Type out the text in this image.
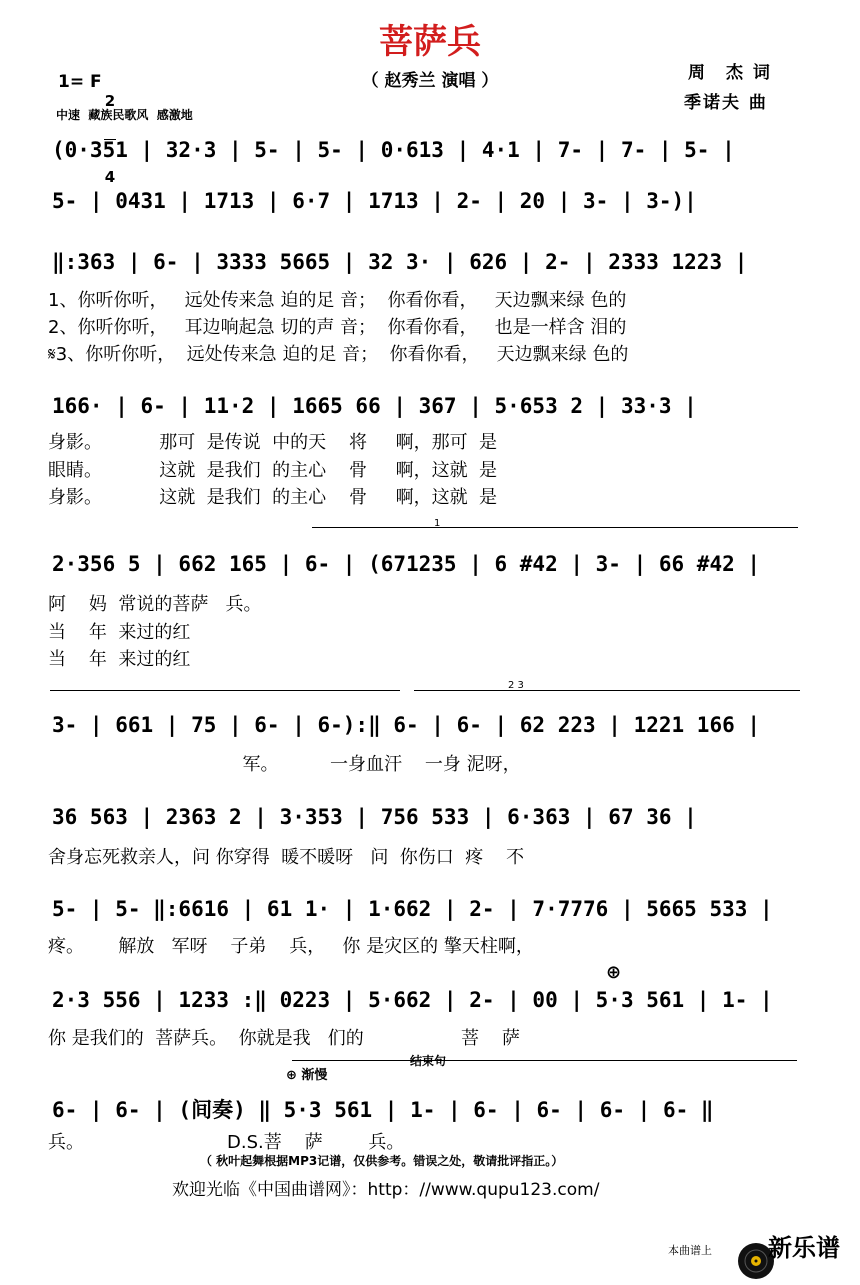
菩萨兵
（ 赵秀兰 演唱 ）	周　杰 词
季诺夫 曲
1= F

2

4

中速  藏族民歌风  感激地
(0·351 | 32·3 | 5- | 5- | 0·613 | 4·1 | 7- | 7- | 5- |
5- | 0431 | 1713 | 6·7 | 1713 | 2- | 20 | 3- | 3-)|
‖:363 | 6- | 3333 5665 | 32 3· | 626 | 2- | 2333 1223 |
1、你听你听，   远处传来急 迫的足 音；  你看你看，   天边飘来绿 色的
2、你听你听，   耳边响起急 切的声 音；  你看你看，   也是一样含 泪的
𝄋3、你听你听，  远处传来急 迫的足 音；  你看你看，   天边飘来绿 色的
166· | 6- | 11·2 | 1665 66 | 367 | 5·653 2 | 33·3 |
身影。          那可  是传说  中的天    将     啊，那可  是
眼睛。          这就  是我们  的主心    骨     啊，这就  是
身影。          这就  是我们  的主心    骨     啊，这就  是
1
2·356 5 | 662 165 | 6- | (671235 | 6 #42 | 3- | 66 #42 |
阿    妈  常说的菩萨   兵。
当    年  来过的红
当    年  来过的红
2 3
3- | 661 | 75 | 6- | 6-):‖ 6- | 6- | 62 223 | 1221 166 |
军。         一身血汗    一身 泥呀，
36 563 | 2363 2 | 3·353 | 756 533 | 6·363 | 67 36 |
舍身忘死救亲人，问 你穿得  暖不暖呀   问  你伤口  疼    不
5- | 5- ‖:6616 | 61 1· | 1·662 | 2- | 7·7776 | 5665 533 |
疼。      解放   军呀    子弟    兵，   你 是灾区的 擎天柱啊，
⊕
2·3 556 | 1233 :‖ 0223 | 5·662 | 2- | 00 | 5·3 561 | 1- |
你 是我们的  菩萨兵。  你就是我   们的                 菩    萨
结束句
⊕ 渐慢
6- | 6- | (间奏) ‖ 5·3 561 | 1- | 6- | 6- | 6- | 6- ‖
兵。                         D.S.菩    萨        兵。
（ 秋叶起舞根据MP3记谱，仅供参考。错误之处，敬请批评指正。）
欢迎光临《中国曲谱网》：http：//www.qupu123.com/
本曲谱上

新乐谱
